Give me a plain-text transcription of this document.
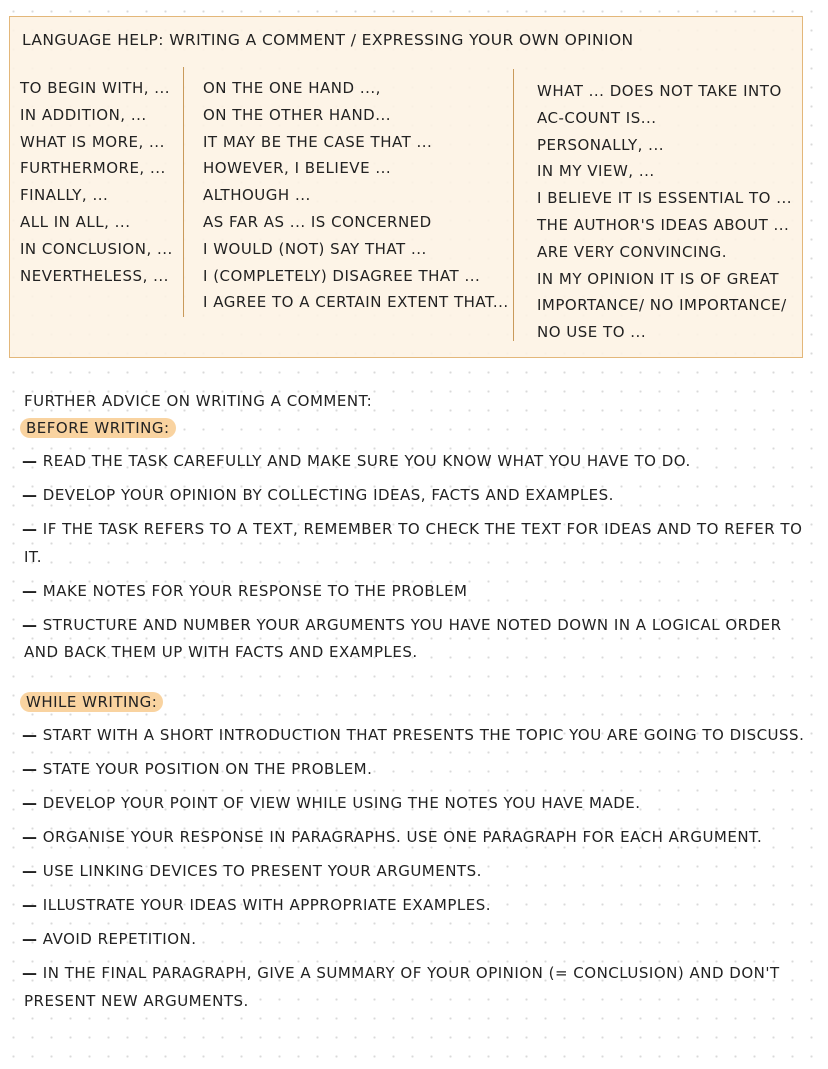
LANGUAGE HELP: WRITING A COMMENT / EXPRESSING YOUR OWN OPINION
TO BEGIN WITH, ...
IN ADDITION, ...
WHAT IS MORE, ...
FURTHERMORE, ...
FINALLY, ...
ALL IN ALL, ...
IN CONCLUSION, ...
NEVERTHELESS, ...
ON THE ONE HAND ...,
ON THE OTHER HAND...
IT MAY BE THE CASE THAT ...
HOWEVER, I BELIEVE ...
ALTHOUGH ...
AS FAR AS ... IS CONCERNED
I WOULD (NOT) SAY THAT ...
I (COMPLETELY) DISAGREE THAT ...
I AGREE TO A CERTAIN EXTENT THAT...
WHAT ... DOES NOT TAKE INTO
AC-COUNT IS...
PERSONALLY, ...
IN MY VIEW, ...
I BELIEVE IT IS ESSENTIAL TO ...
THE AUTHOR'S IDEAS ABOUT ...
ARE VERY CONVINCING.
IN MY OPINION IT IS OF GREAT
IMPORTANCE/ NO IMPORTANCE/
NO USE TO ...
FURTHER ADVICE ON WRITING A COMMENT:
BEFORE WRITING:
— READ THE TASK CAREFULLY AND MAKE SURE YOU KNOW WHAT YOU HAVE TO DO.
— DEVELOP YOUR OPINION BY COLLECTING IDEAS, FACTS AND EXAMPLES.
— IF THE TASK REFERS TO A TEXT, REMEMBER TO CHECK THE TEXT FOR IDEAS AND TO REFER TO IT.
— MAKE NOTES FOR YOUR RESPONSE TO THE PROBLEM
— STRUCTURE AND NUMBER YOUR ARGUMENTS YOU HAVE NOTED DOWN IN A LOGICAL ORDER AND BACK THEM UP WITH FACTS AND EXAMPLES.
WHILE WRITING:
— START WITH A SHORT INTRODUCTION THAT PRESENTS THE TOPIC YOU ARE GOING TO DISCUSS.
— STATE YOUR POSITION ON THE PROBLEM.
— DEVELOP YOUR POINT OF VIEW WHILE USING THE NOTES YOU HAVE MADE.
— ORGANISE YOUR RESPONSE IN PARAGRAPHS. USE ONE PARAGRAPH FOR EACH ARGUMENT.
— USE LINKING DEVICES TO PRESENT YOUR ARGUMENTS.
— ILLUSTRATE YOUR IDEAS WITH APPROPRIATE EXAMPLES.
— AVOID REPETITION.
— IN THE FINAL PARAGRAPH, GIVE A SUMMARY OF YOUR OPINION (= CONCLUSION) AND DON'T PRESENT NEW ARGUMENTS.
